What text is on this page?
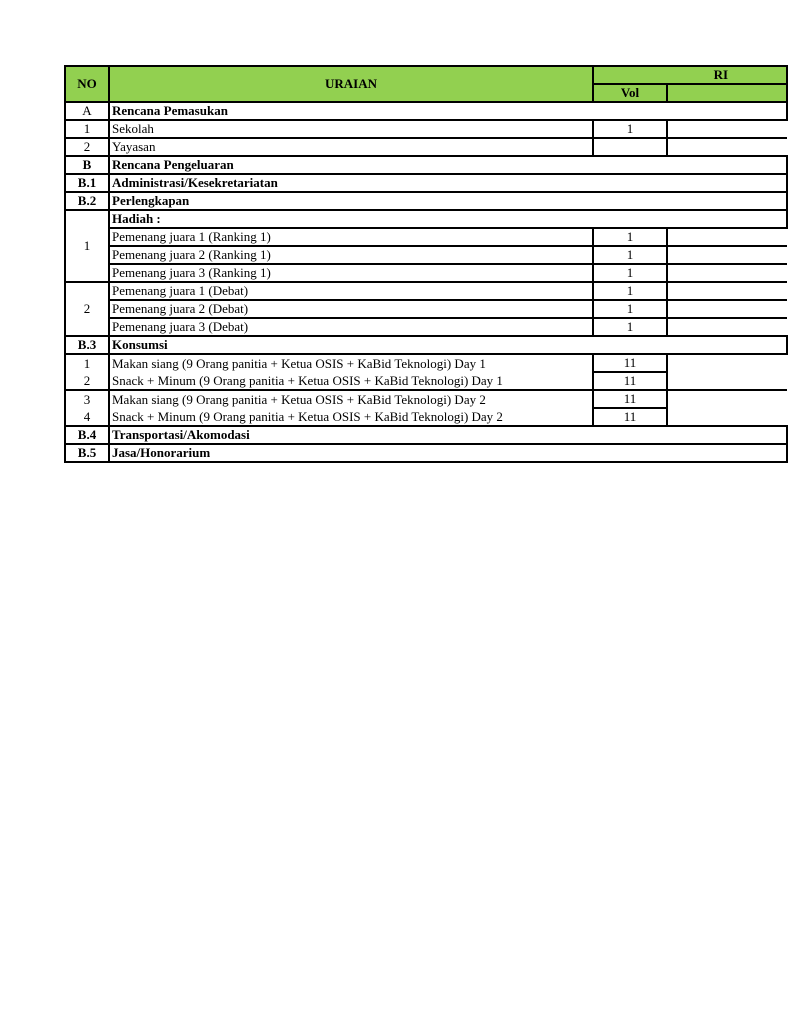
NO	URAIAN	RI	
		Vol	
A	Rencana Pemasukan		
1	Sekolah	1	
2	Yayasan		
B	Rencana Pengeluaran		
B.1	Administrasi/Kesekretariatan		
B.2	Perlengkapan		
1	Hadiah :		
	Pemenang juara 1 (Ranking 1)	1	
	Pemenang juara 2 (Ranking 1)	1	
	Pemenang juara 3 (Ranking 1)	1	
2	Pemenang juara 1 (Debat)	1	
	Pemenang juara 2 (Debat)	1	
	Pemenang juara 3 (Debat)	1	
B.3	Konsumsi		
1	Makan siang (9 Orang panitia + Ketua OSIS + KaBid Teknologi) Day 1	11	
2	Snack + Minum (9 Orang panitia + Ketua OSIS + KaBid Teknologi) Day 1	11	
3	Makan siang (9 Orang panitia + Ketua OSIS + KaBid Teknologi) Day 2	11	
4	Snack + Minum (9 Orang panitia + Ketua OSIS + KaBid Teknologi) Day 2	11	
B.4	Transportasi/Akomodasi		
B.5	Jasa/Honorarium		
